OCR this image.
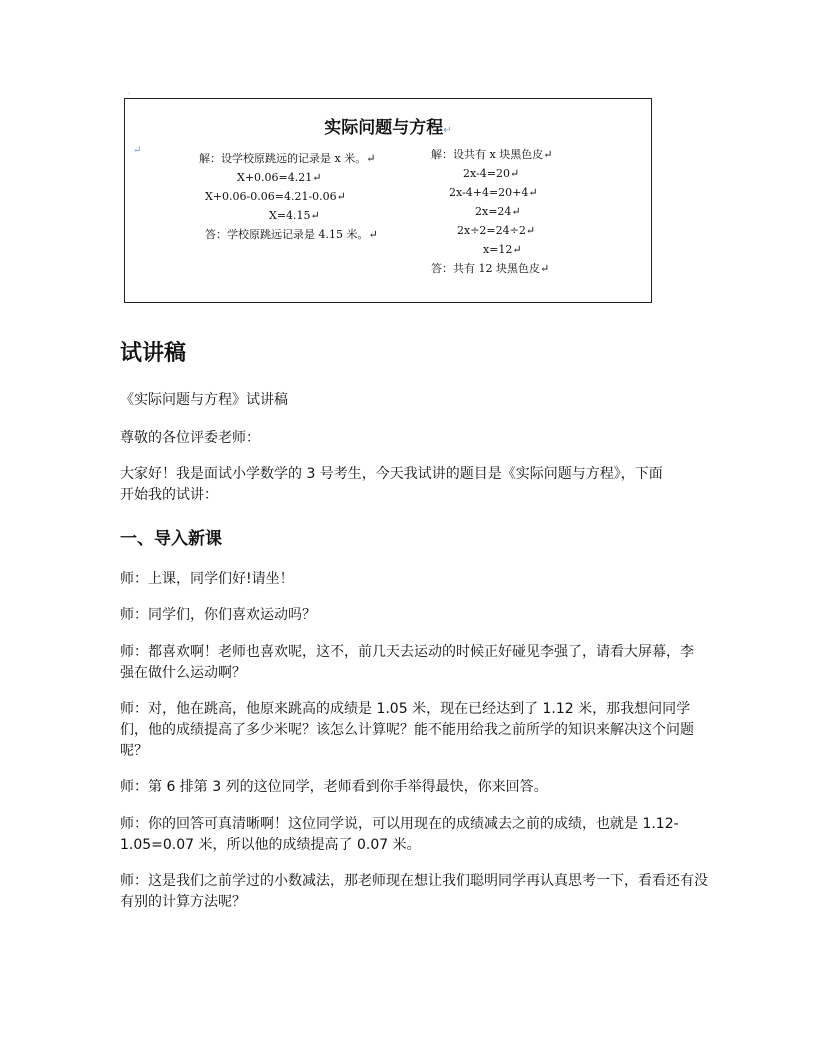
'
实际问题与方程↵
↵
解：设学校原跳远的记录是 x 米。↵
X+0.06=4.21↵
X+0.06-0.06=4.21-0.06↵
X=4.15↵
答：学校原跳远记录是 4.15 米。↵
解：设共有 x 块黑色皮↵
2x-4=20↵
2x-4+4=20+4↵
2x=24↵
2x÷2=24÷2↵
x=12↵
答：共有 12 块黑色皮↵
试讲稿
《实际问题与方程》试讲稿
尊敬的各位评委老师：
大家好！我是面试小学数学的 3 号考生，今天我试讲的题目是《实际问题与方程》，下面开始我的试讲：
一、导入新课
师：上课，同学们好!请坐！
师：同学们，你们喜欢运动吗？
师：都喜欢啊！老师也喜欢呢，这不，前几天去运动的时候正好碰见李强了，请看大屏幕，李强在做什么运动啊？
师：对，他在跳高，他原来跳高的成绩是 1.05 米，现在已经达到了 1.12 米，那我想问同学们，他的成绩提高了多少米呢？该怎么计算呢？能不能用给我之前所学的知识来解决这个问题呢？
师：第 6 排第 3 列的这位同学，老师看到你手举得最快，你来回答。
师：你的回答可真清晰啊！这位同学说，可以用现在的成绩减去之前的成绩，也就是 1.12-1.05=0.07 米，所以他的成绩提高了 0.07 米。
师：这是我们之前学过的小数减法，那老师现在想让我们聪明同学再认真思考一下，看看还有没有别的计算方法呢？
